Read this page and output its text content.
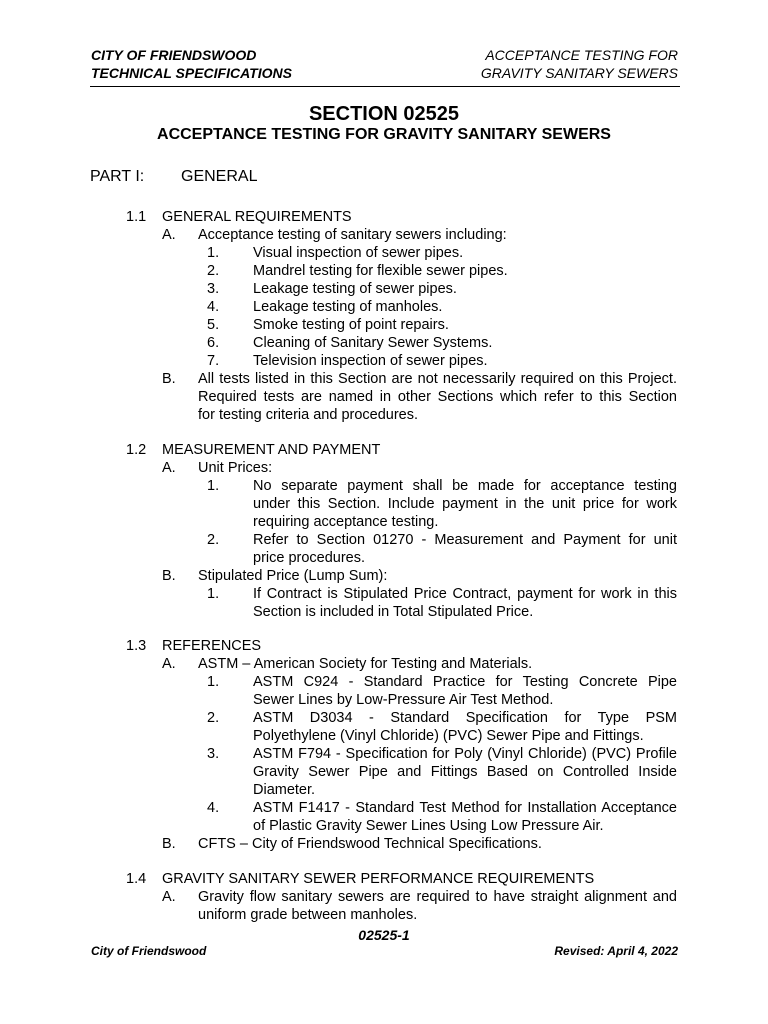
CITY OF FRIENDSWOOD
TECHNICAL SPECIFICATIONS
ACCEPTANCE TESTING FOR
GRAVITY SANITARY SEWERS
SECTION 02525
ACCEPTANCE TESTING FOR GRAVITY SANITARY SEWERS
PART I: GENERAL
1.1 GENERAL REQUIREMENTS
A. Acceptance testing of sanitary sewers including:
1. Visual inspection of sewer pipes.
2. Mandrel testing for flexible sewer pipes.
3. Leakage testing of sewer pipes.
4. Leakage testing of manholes.
5. Smoke testing of point repairs.
6. Cleaning of Sanitary Sewer Systems.
7. Television inspection of sewer pipes.
B. All tests listed in this Section are not necessarily required on this Project.
Required tests are named in other Sections which refer to this Section
for testing criteria and procedures.
1.2 MEASUREMENT AND PAYMENT
A. Unit Prices:
1. No separate payment shall be made for acceptance testing
under this Section. Include payment in the unit price for work
requiring acceptance testing.
2. Refer to Section 01270 - Measurement and Payment for unit
price procedures.
B. Stipulated Price (Lump Sum):
1. If Contract is Stipulated Price Contract, payment for work in this
Section is included in Total Stipulated Price.
1.3 REFERENCES
A. ASTM – American Society for Testing and Materials.
1. ASTM C924 - Standard Practice for Testing Concrete Pipe
Sewer Lines by Low-Pressure Air Test Method.
2. ASTM D3034 - Standard Specification for Type PSM
Polyethylene (Vinyl Chloride) (PVC) Sewer Pipe and Fittings.
3. ASTM F794 - Specification for Poly (Vinyl Chloride) (PVC) Profile
Gravity Sewer Pipe and Fittings Based on Controlled Inside
Diameter.
4. ASTM F1417 - Standard Test Method for Installation Acceptance
of Plastic Gravity Sewer Lines Using Low Pressure Air.
B. CFTS – City of Friendswood Technical Specifications.
1.4 GRAVITY SANITARY SEWER PERFORMANCE REQUIREMENTS
A. Gravity flow sanitary sewers are required to have straight alignment and
uniform grade between manholes.
02525-1
City of Friendswood	Revised: April 4, 2022
